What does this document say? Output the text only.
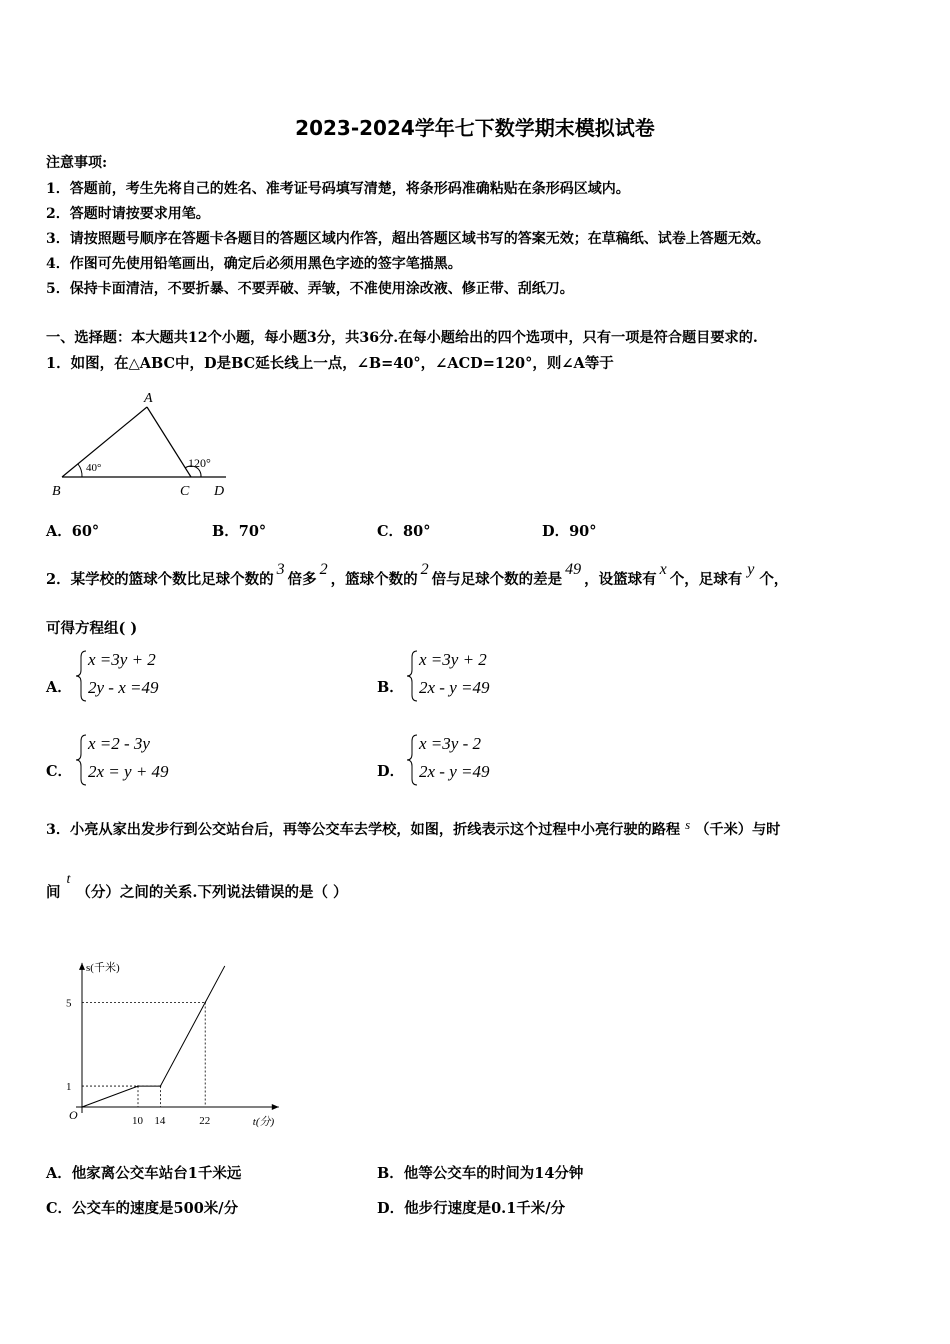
2023-2024学年七下数学期末模拟试卷
注意事项:
1．答题前，考生先将自己的姓名、准考证号码填写清楚，将条形码准确粘贴在条形码区域内。
2．答题时请按要求用笔。
3．请按照题号顺序在答题卡各题目的答题区域内作答，超出答题区域书写的答案无效；在草稿纸、试卷上答题无效。
4．作图可先使用铅笔画出，确定后必须用黑色字迹的签字笔描黑。
5．保持卡面清洁，不要折暴、不要弄破、弄皱，不准使用涂改液、修正带、刮纸刀。
一、选择题：本大题共12个小题，每小题3分，共36分.在每小题给出的四个选项中，只有一项是符合题目要求的.
1．如图，在△ABC中，D是BC延长线上一点，∠B=40°，∠ACD=120°，则∠A等于
A
B	C D
40°	120°
A．60°	B．70°	C．80°	D．90°
2．某学校的篮球个数比足球个数的3倍多2，篮球个数的2倍与足球个数的差是49，设篮球有x个，足球有y个，
可得方程组( )
A．
x =3y + 2
2y - x =49	B．
x =3y + 2
2x - y =49
C．
x =2 - 3y
2x = y + 49	D．
x =3y - 2
2x - y =49
3．小亮从家出发步行到公交站台后，再等公交车去学校，如图，折线表示这个过程中小亮行驶的路程 s （千米）与时
间t（分）之间的关系.下列说法错误的是（ ）
s(千米)
t(分)
O	10 14	22
1
5
A．他家离公交车站台1千米远	B．他等公交车的时间为14分钟
C．公交车的速度是500米/分	D．他步行速度是0.1千米/分
